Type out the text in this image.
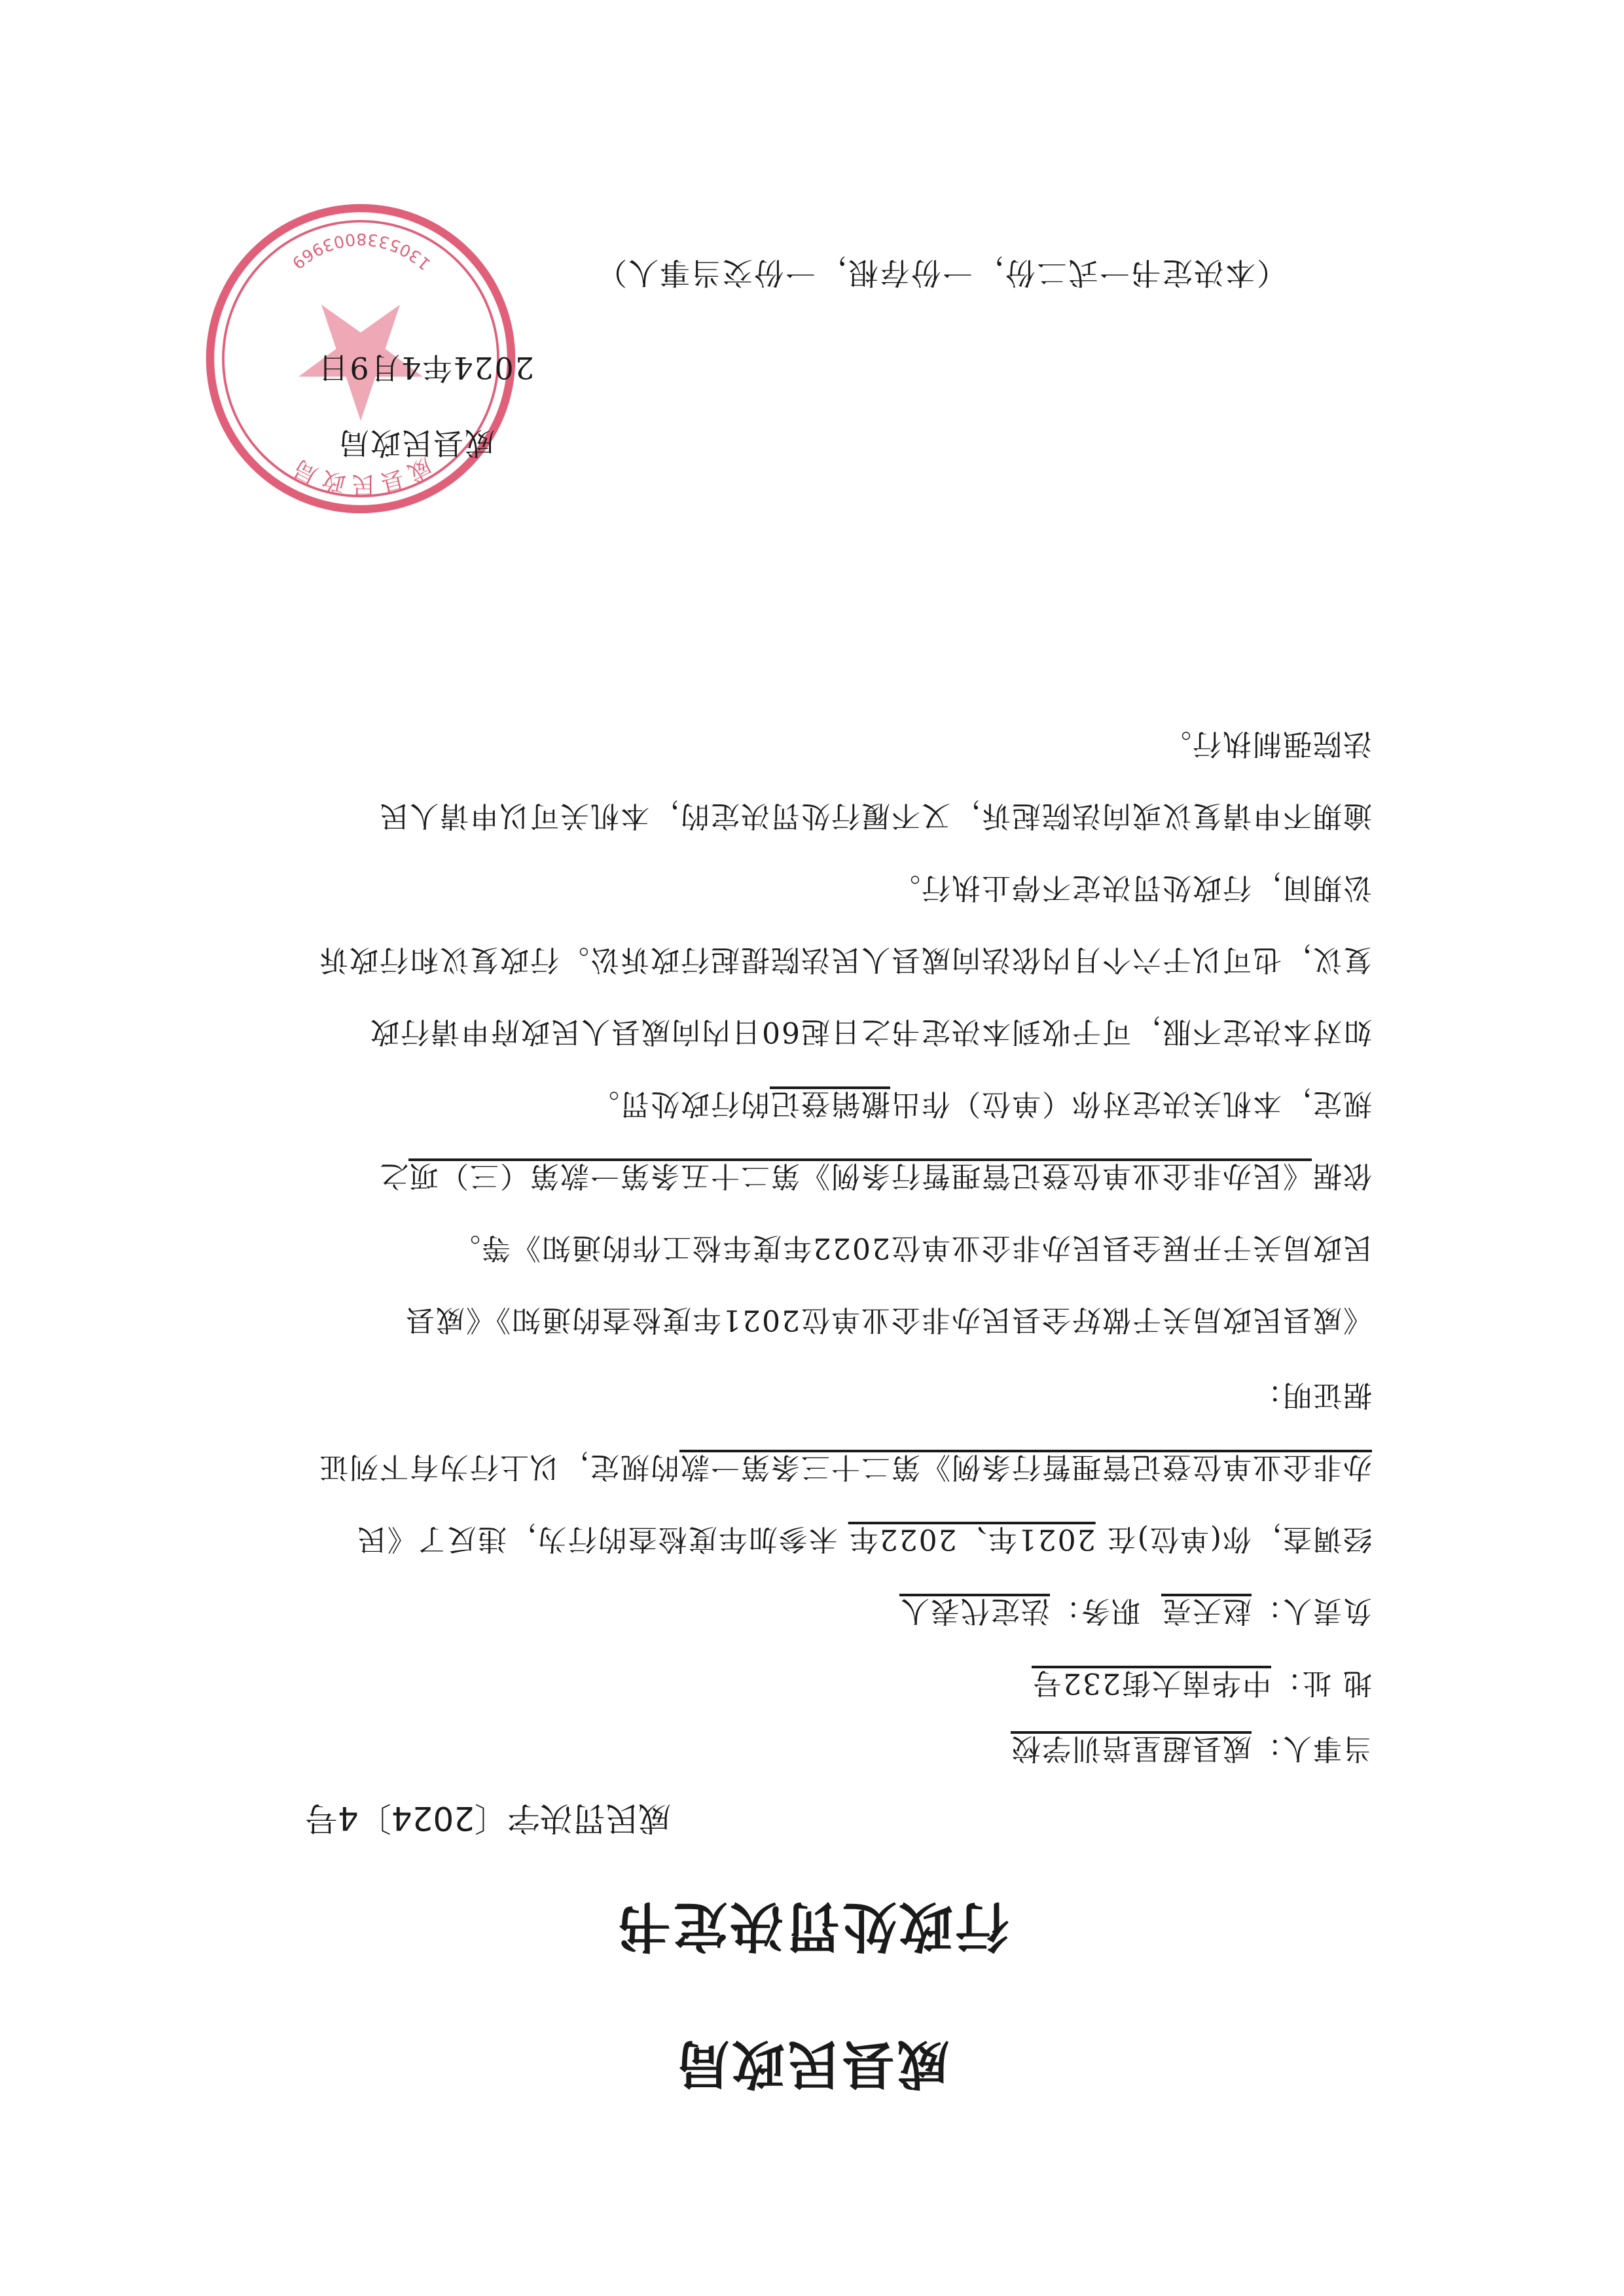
威县民政局
行政处罚决定书
威民罚决字〔2024〕4号
当事人：威县超星培训学校
地 址：中华南大街232号
负责人：赵天亮  职务：法定代表人
经调查，你(单位)在 2021年、2022年 未参加年度检查的行为，违反了《民
办非企业单位登记管理暂行条例》第二十三条第一款的规定，以上行为有下列证
据证明：
《威县民政局关于做好全县民办非企业单位2021年度检查的通知》《威县
民政局关于开展全县民办非企业单位2022年度年检工作的通知》等。
依据《民办非企业单位登记管理暂行条例》第二十五条第一款第（三）项之
规定，本机关决定对你（单位）作出撤销登记的行政处罚。
如对本决定不服，可于收到本决定书之日起60日内向威县人民政府申请行政
复议，也可以于六个月内依法向威县人民法院提起行政诉讼。行政复议和行政诉
讼期间，行政处罚决定不停止执行。
逾期不申请复议或向法院起诉，又不履行处罚决定的，本机关可以申请人民
法院强制执行。
威县民政局
1305338003969
威县民政局
2024年4月9日
（本决定书一式二份，一份存根，一份交当事人）
